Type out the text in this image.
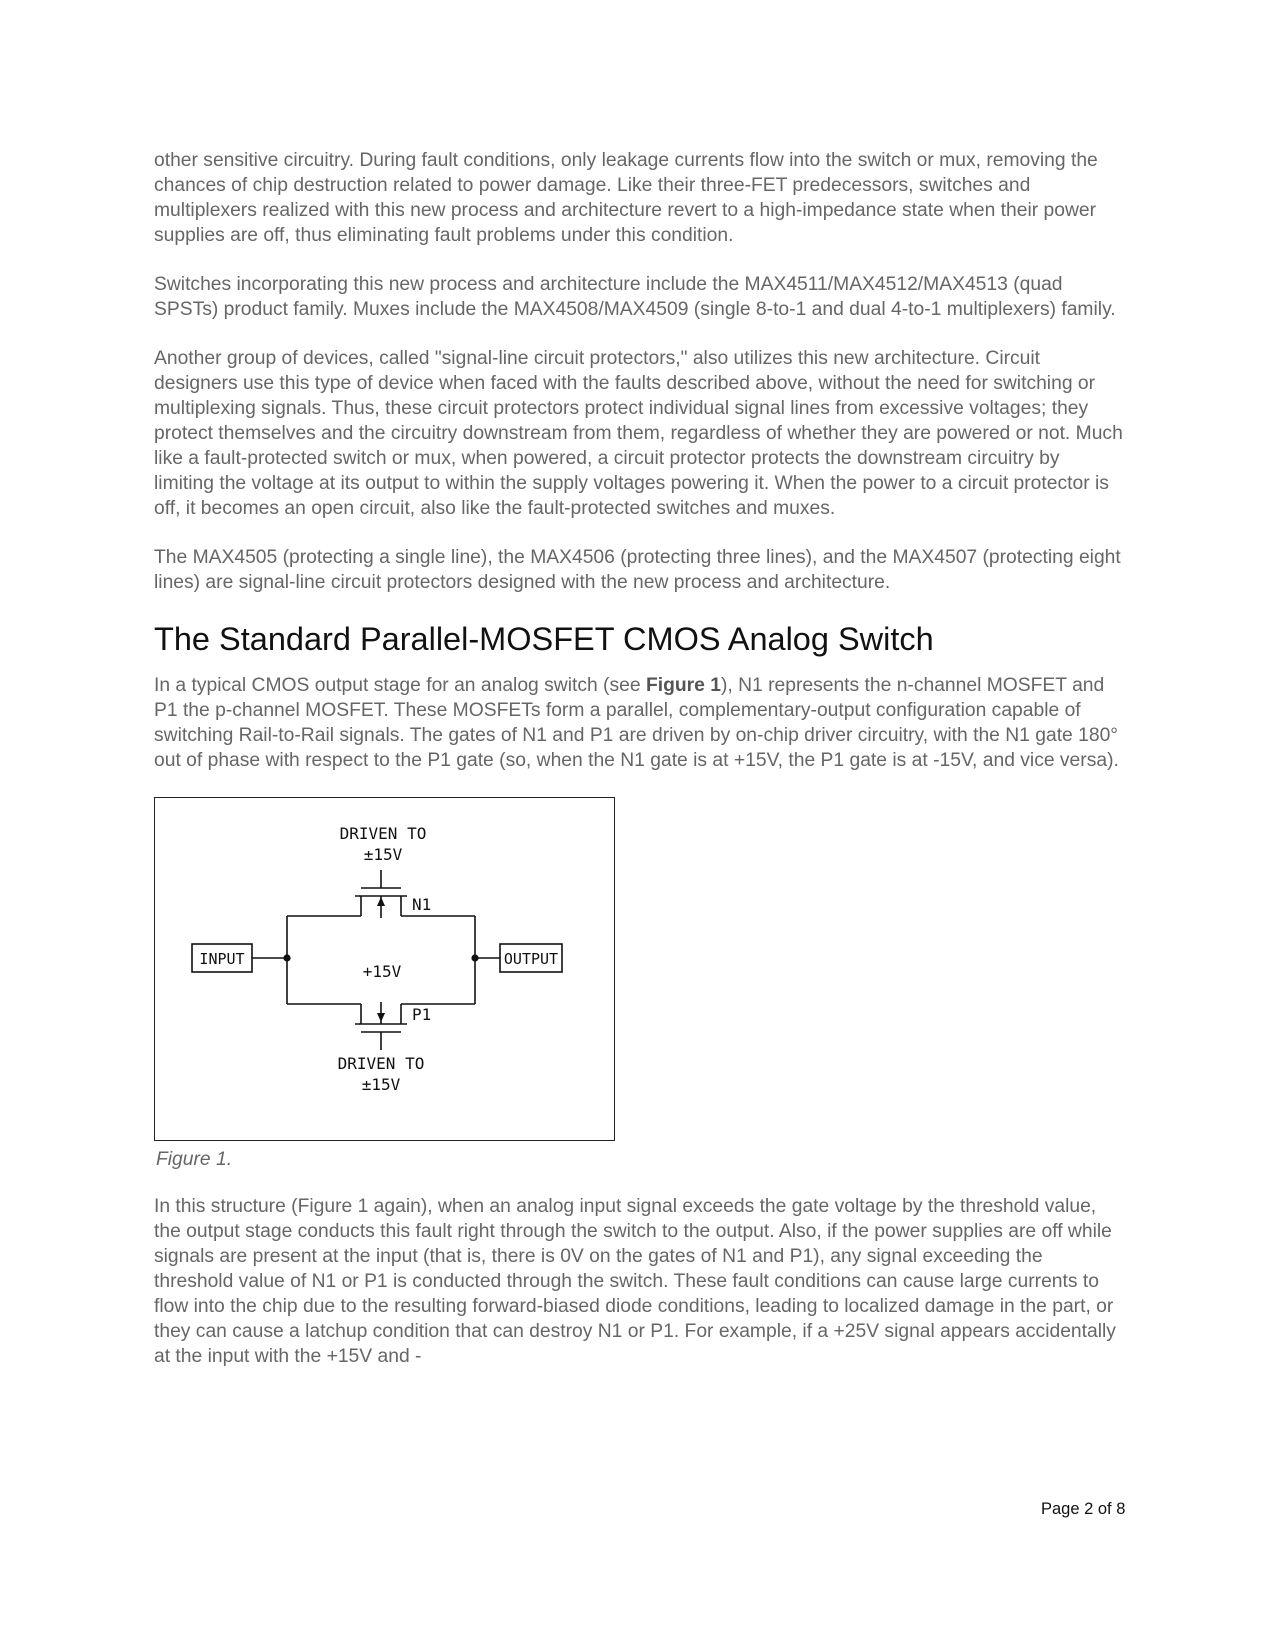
other sensitive circuitry. During fault conditions, only leakage currents flow into the switch or mux, removing the chances of chip destruction related to power damage. Like their three-FET predecessors, switches and multiplexers realized with this new process and architecture revert to a high-impedance state when their power supplies are off, thus eliminating fault problems under this condition.

Switches incorporating this new process and architecture include the MAX4511/MAX4512/MAX4513 (quad SPSTs) product family. Muxes include the MAX4508/MAX4509 (single 8-to-1 and dual 4-to-1 multiplexers) family.

Another group of devices, called "signal-line circuit protectors," also utilizes this new architecture. Circuit designers use this type of device when faced with the faults described above, without the need for switching or multiplexing signals. Thus, these circuit protectors protect individual signal lines from excessive voltages; they protect themselves and the circuitry downstream from them, regardless of whether they are powered or not. Much like a fault-protected switch or mux, when powered, a circuit protector protects the downstream circuitry by limiting the voltage at its output to within the supply voltages powering it. When the power to a circuit protector is off, it becomes an open circuit, also like the fault-protected switches and muxes.

The MAX4505 (protecting a single line), the MAX4506 (protecting three lines), and the MAX4507 (protecting eight lines) are signal-line circuit protectors designed with the new process and architecture.

The Standard Parallel-MOSFET CMOS Analog Switch

In a typical CMOS output stage for an analog switch (see Figure 1), N1 represents the n-channel MOSFET and P1 the p-channel MOSFET. These MOSFETs form a parallel, complementary-output configuration capable of switching Rail-to-Rail signals. The gates of N1 and P1 are driven by on-chip driver circuitry, with the N1 gate 180° out of phase with respect to the P1 gate (so, when the N1 gate is at +15V, the P1 gate is at -15V, and vice versa).

DRIVEN TO
±15V
N1
INPUT	OUTPUT
+15V
P1
DRIVEN TO
±15V
Figure 1.

In this structure (Figure 1 again), when an analog input signal exceeds the gate voltage by the threshold value, the output stage conducts this fault right through the switch to the output. Also, if the power supplies are off while signals are present at the input (that is, there is 0V on the gates of N1 and P1), any signal exceeding the threshold value of N1 or P1 is conducted through the switch. These fault conditions can cause large currents to flow into the chip due to the resulting forward-biased diode conditions, leading to localized damage in the part, or they can cause a latchup condition that can destroy N1 or P1. For example, if a +25V signal appears accidentally at the input with the +15V and -

Page 2 of 8
